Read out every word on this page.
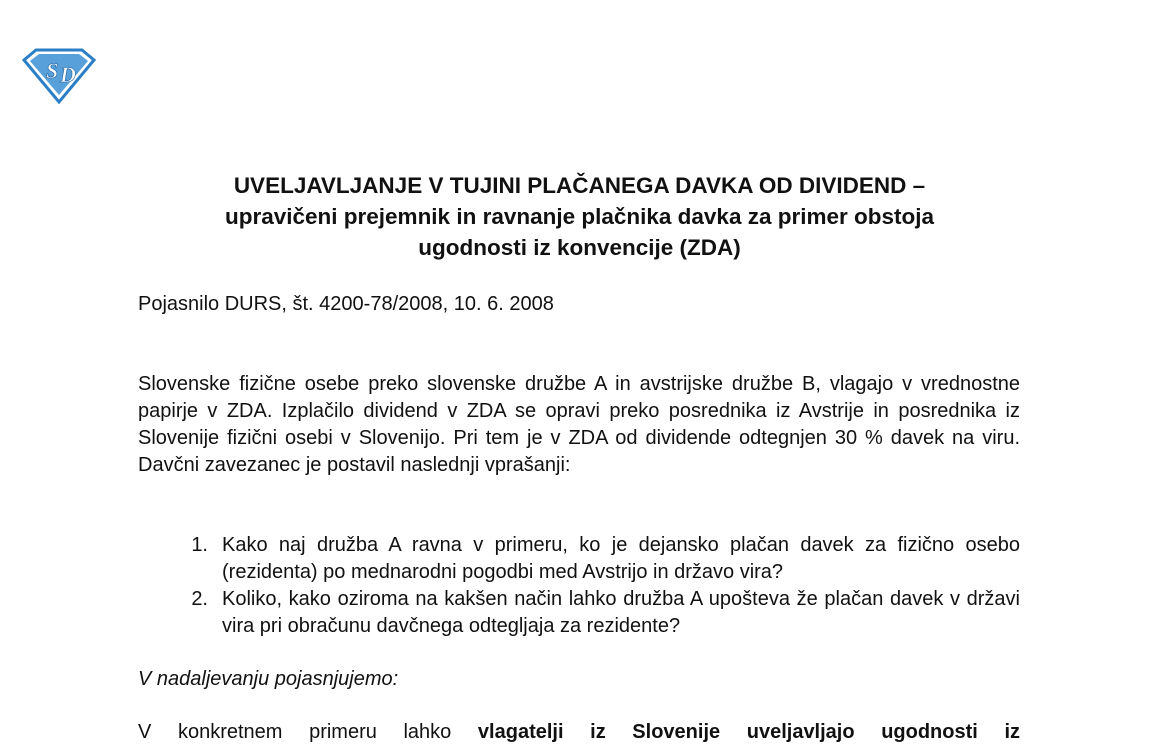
S D
UVELJAVLJANJE V TUJINI PLAČANEGA DAVKA OD DIVIDEND –
upravičeni prejemnik in ravnanje plačnika davka za primer obstoja
ugodnosti iz konvencije (ZDA)
Pojasnilo DURS, št. 4200-78/2008, 10. 6. 2008
Slovenske fizične osebe preko slovenske družbe A in avstrijske družbe B, vlagajo v vrednostne papirje v ZDA. Izplačilo dividend v ZDA se opravi preko posrednika iz Avstrije in posrednika iz Slovenije fizični osebi v Slovenijo. Pri tem je v ZDA od dividende odtegnjen 30 % davek na viru. Davčni zavezanec je postavil naslednji vprašanji:
1. Kako naj družba A ravna v primeru, ko je dejansko plačan davek za fizično osebo (rezidenta) po mednarodni pogodbi med Avstrijo in državo vira?
2. Koliko, kako oziroma na kakšen način lahko družba A upošteva že plačan davek v državi vira pri obračunu davčnega odtegljaja za rezidente?
V nadaljevanju pojasnjujemo:
V konkretnem primeru lahko vlagatelji iz Slovenije uveljavljajo ugodnosti iz
